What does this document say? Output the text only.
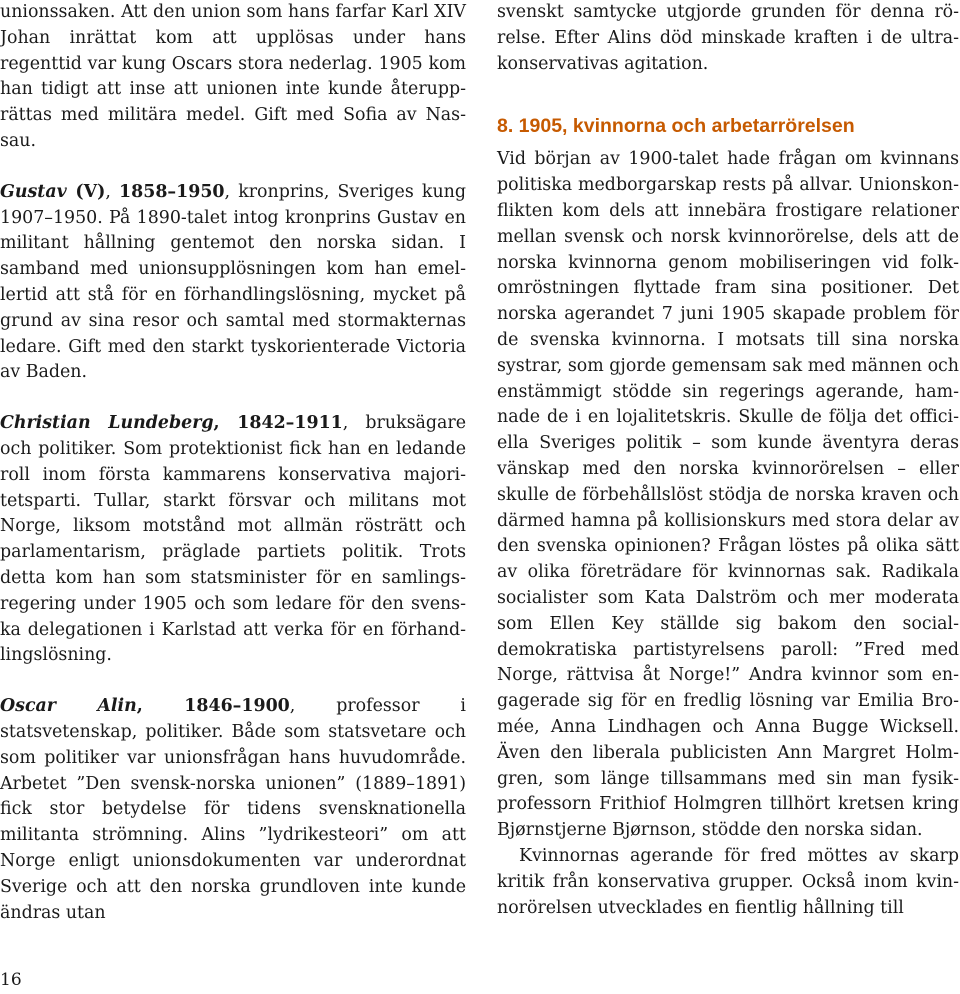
unionssaken. Att den union som hans farfar Karl XIV Johan inrättat kom att upplösas under hans regenttid var kung Oscars stora nederlag. 1905 kom han tidigt att inse att unionen inte kunde återupprättas med militära medel. Gift med Sofia av Nassau.

Gustav (V), 1858–1950, kronprins, Sveriges kung 1907–1950. På 1890-talet intog kronprins Gustav en militant hållning gentemot den norska sidan. I samband med unionsupplösningen kom han emellertid att stå för en förhandlingslösning, mycket på grund av sina resor och samtal med stormakternas ledare. Gift med den starkt tyskorienterade Victoria av Baden.

Christian Lundeberg, 1842–1911, bruksägare och politiker. Som protektionist fick han en ledande roll inom första kammarens konservativa majoritetsparti. Tullar, starkt försvar och militans mot Norge, liksom motstånd mot allmän rösträtt och parlamentarism, präglade partiets politik. Trots detta kom han som statsminister för en samlingsregering under 1905 och som ledare för den svenska delegationen i Karlstad att verka för en förhandlingslösning.

Oscar Alin, 1846–1900, professor i statsvetenskap, politiker. Både som statsvetare och som politiker var unionsfrågan hans huvudområde. Arbetet ”Den svensk-norska unionen” (1889–1891) fick stor betydelse för tidens svensknationella militanta strömning. Alins ”lydrikesteori” om att Norge enligt unionsdokumenten var underordnat Sverige och att den norska grundloven inte kunde ändras utan

svenskt samtycke utgjorde grunden för denna rörelse. Efter Alins död minskade kraften i de ultrakonservativas agitation.

8. 1905, kvinnorna och arbetarrörelsen

Vid början av 1900-talet hade frågan om kvinnans politiska medborgarskap rests på allvar. Unionskonflikten kom dels att innebära frostigare relationer mellan svensk och norsk kvinnorörelse, dels att de norska kvinnorna genom mobiliseringen vid folkomröstningen flyttade fram sina positioner. Det norska agerandet 7 juni 1905 skapade problem för de svenska kvinnorna. I motsats till sina norska systrar, som gjorde gemensam sak med männen och enstämmigt stödde sin regerings agerande, hamnade de i en lojalitetskris. Skulle de följa det officiella Sveriges politik – som kunde äventyra deras vänskap med den norska kvinnorörelsen – eller skulle de förbehållslöst stödja de norska kraven och därmed hamna på kollisionskurs med stora delar av den svenska opinionen? Frågan löstes på olika sätt av olika företrädare för kvinnornas sak. Radikala socialister som Kata Dalström och mer moderata som Ellen Key ställde sig bakom den socialdemokratiska partistyrelsens paroll: ”Fred med Norge, rättvisa åt Norge!” Andra kvinnor som engagerade sig för en fredlig lösning var Emilia Bromée, Anna Lindhagen och Anna Bugge Wicksell. Även den liberala publicisten Ann Margret Holmgren, som länge tillsammans med sin man fysikprofessorn Frithiof Holmgren tillhört kretsen kring Bjørnstjerne Bjørnson, stödde den norska sidan.

Kvinnornas agerande för fred möttes av skarp kritik från konservativa grupper. Också inom kvinnorörelsen utvecklades en fientlig hållning till

16
